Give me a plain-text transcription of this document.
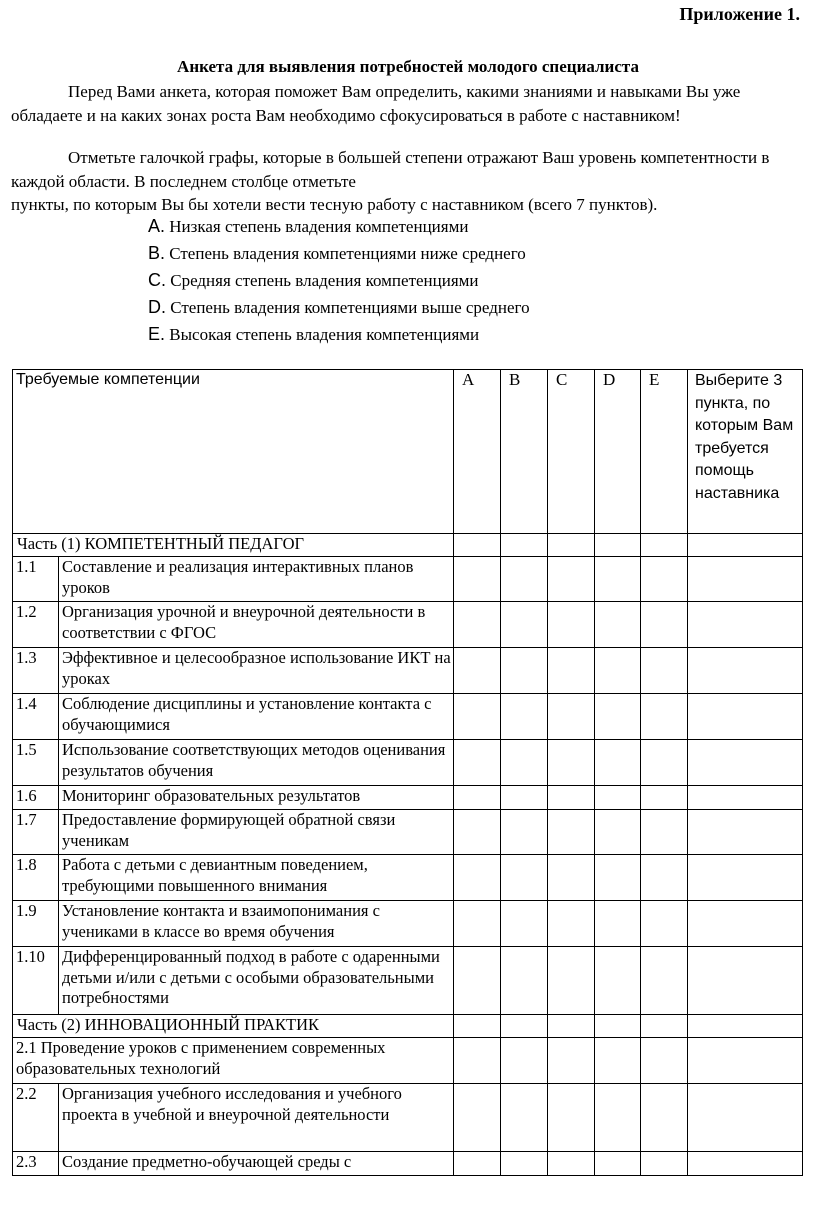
Приложение 1.
Анкета для выявления потребностей молодого специалиста

Перед Вами анкета, которая поможет Вам определить, какими знаниями и навыками Вы уже обладаете и на каких зонах роста Вам необходимо сфокусироваться в работе с наставником!

Отметьте галочкой графы, которые в большей степени отражают Ваш уровень компетентности в каждой области. В последнем столбце отметьте
пункты, по которым Вы бы хотели вести тесную работу с наставником (всего 7 пунктов).

A. Низкая степень владения компетенциями
B. Степень владения компетенциями ниже среднего
C. Средняя степень владения компетенциями
D. Степень владения компетенциями выше среднего
E. Высокая степень владения компетенциями
Требуемые компетенции		A	B	C	D	E	Выберите 3 пункта, по которым Вам требуется помощь наставника
Часть (1) КОМПЕТЕНТНЫЙ ПЕДАГОГ							
1.1	Составление и реализация интерактивных планов уроков						
1.2	Организация урочной и внеурочной деятельности в соответствии с ФГОС						
1.3	Эффективное и целесообразное использование ИКТ на уроках						
1.4	Соблюдение дисциплины и установление контакта с обучающимися						
1.5	Использование соответствующих методов оценивания результатов обучения						
1.6	Мониторинг образовательных результатов						
1.7	Предоставление формирующей обратной связи ученикам						
1.8	Работа с детьми с девиантным поведением, требующими повышенного внимания						
1.9	Установление контакта и взаимопонимания с учениками в классе во время обучения						
1.10	Дифференцированный подход в работе с одаренными детьми и/или с детьми с особыми образовательными потребностями						
Часть (2) ИННОВАЦИОННЫЙ ПРАКТИК							
2.1 Проведение уроков с применением современных образовательных технологий							
2.2	Организация учебного исследования и учебного проекта в учебной и внеурочной деятельности						
2.3	Создание предметно-обучающей среды с						
